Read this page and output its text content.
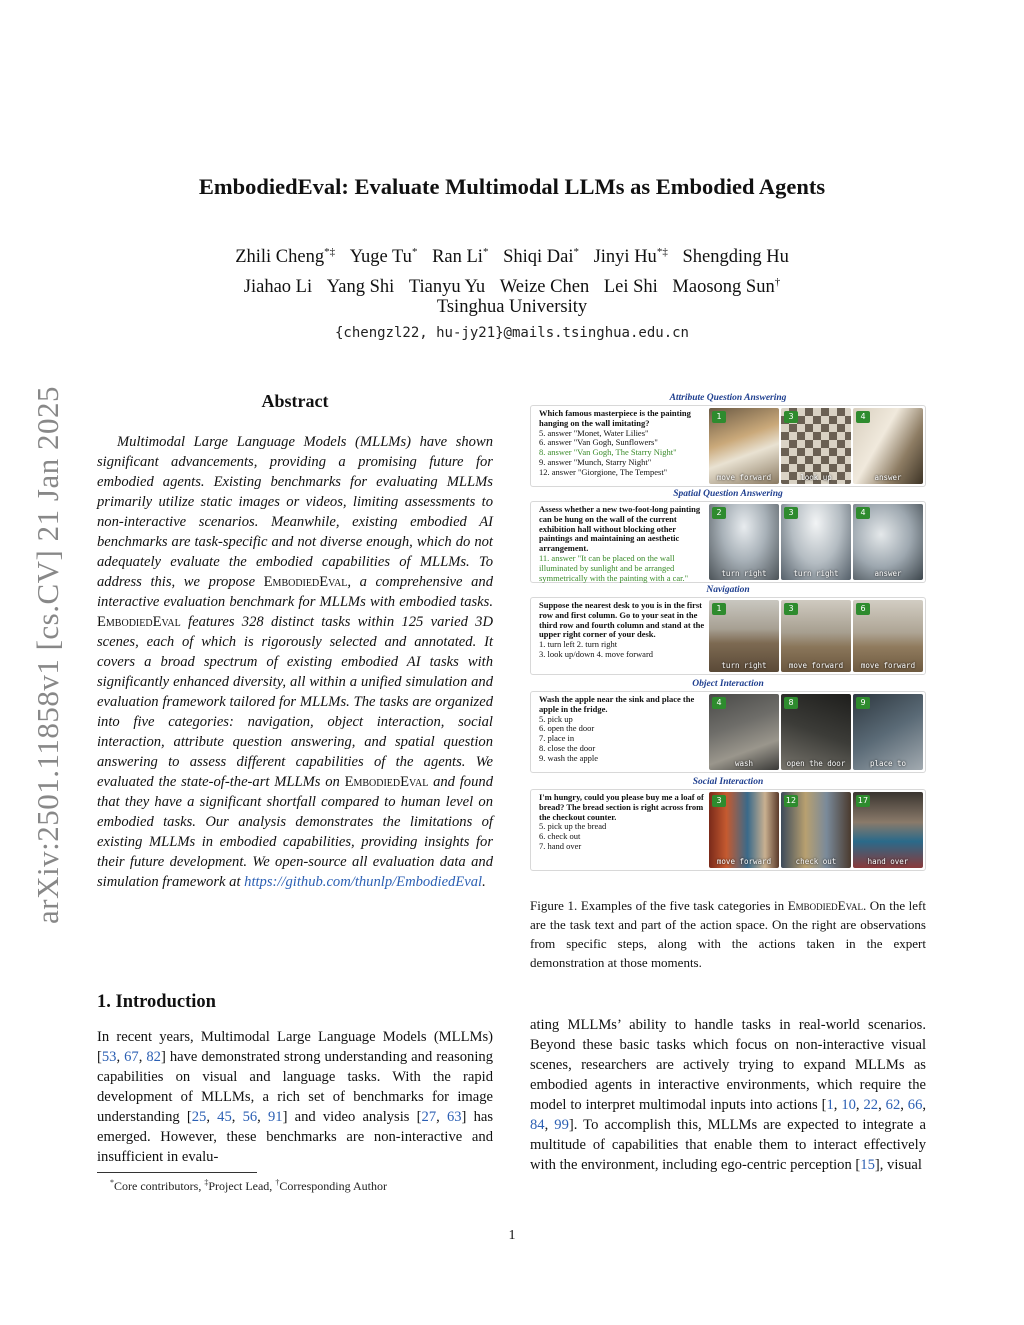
arXiv:2501.11858v1 [cs.CV] 21 Jan 2025
EmbodiedEval: Evaluate Multimodal LLMs as Embodied Agents
Zhili Cheng*‡ Yuge Tu* Ran Li* Shiqi Dai* Jinyi Hu*‡ Shengding Hu
Jiahao Li Yang Shi Tianyu Yu Weize Chen Lei Shi Maosong Sun†
Tsinghua University
{chengzl22, hu-jy21}@mails.tsinghua.edu.cn
Abstract
Multimodal Large Language Models (MLLMs) have shown significant advancements, providing a promising future for embodied agents. Existing benchmarks for evaluating MLLMs primarily utilize static images or videos, limiting assessments to non-interactive scenarios. Meanwhile, existing embodied AI benchmarks are task-specific and not diverse enough, which do not adequately evaluate the embodied capabilities of MLLMs. To address this, we propose EmbodiedEval, a comprehensive and interactive evaluation benchmark for MLLMs with embodied tasks. EmbodiedEval features 328 distinct tasks within 125 varied 3D scenes, each of which is rigorously selected and annotated. It covers a broad spectrum of existing embodied AI tasks with significantly enhanced diversity, all within a unified simulation and evaluation framework tailored for MLLMs. The tasks are organized into five categories: navigation, object interaction, social interaction, attribute question answering, and spatial question answering to assess different capabilities of the agents. We evaluated the state-of-the-art MLLMs on EmbodiedEval and found that they have a significant shortfall compared to human level on embodied tasks. Our analysis demonstrates the limitations of existing MLLMs in embodied capabilities, providing insights for their future development. We open-source all evaluation data and simulation framework at https://github.com/thunlp/EmbodiedEval.
1. Introduction
In recent years, Multimodal Large Language Models (MLLMs) [53, 67, 82] have demonstrated strong understanding and reasoning capabilities on visual and language tasks. With the rapid development of MLLMs, a rich set of benchmarks for image understanding [25, 45, 56, 91] and video analysis [27, 63] has emerged. However, these benchmarks are non-interactive and insufficient in evalu-
*Core contributors, ‡Project Lead, †Corresponding Author
Attribute Question Answering
Which famous masterpiece is the painting hanging on the wall imitating?
5. answer "Monet, Water Lilies"
6. answer "Van Gogh, Sunflowers"
8. answer "Van Gogh, The Starry Night"
9. answer "Munch, Starry Night"
12. answer "Giorgione, The Tempest"
1
move forward
3
look up
4
answer
Spatial Question Answering
Assess whether a new two-foot-long painting can be hung on the wall of the current exhibition hall without blocking other paintings and maintaining an aesthetic arrangement.
11. answer "It can be placed on the wall illuminated by sunlight and be arranged symmetrically with the painting with a car."
2
turn right
3
turn right
4
answer
Navigation
Suppose the nearest desk to you is in the first row and first column. Go to your seat in the third row and fourth column and stand at the upper right corner of your desk.
1. turn left 2. turn right
3. look up/down 4. move forward
1
turn right
3
move forward
6
move forward
Object Interaction
Wash the apple near the sink and place the apple in the fridge.
5. pick up
6. open the door
7. place in
8. close the door
9. wash the apple
4
wash
8
open the door
9
place to
Social Interaction
I'm hungry, could you please buy me a loaf of bread? The bread section is right across from the checkout counter.
5. pick up the bread
6. check out
7. hand over
3
move forward
12
check out
17
hand over
Figure 1. Examples of the five task categories in EmbodiedEval. On the left are the task text and part of the action space. On the right are observations from specific steps, along with the actions taken in the expert demonstration at those moments.
ating MLLMs’ ability to handle tasks in real-world scenarios. Beyond these basic tasks which focus on non-interactive visual scenes, researchers are actively trying to expand MLLMs as embodied agents in interactive environments, which require the model to interpret multimodal inputs into actions [1, 10, 22, 62, 66, 84, 99]. To accomplish this, MLLMs are expected to integrate a multitude of capabilities that enable them to interact effectively with the environment, including ego-centric perception [15], visual
1
